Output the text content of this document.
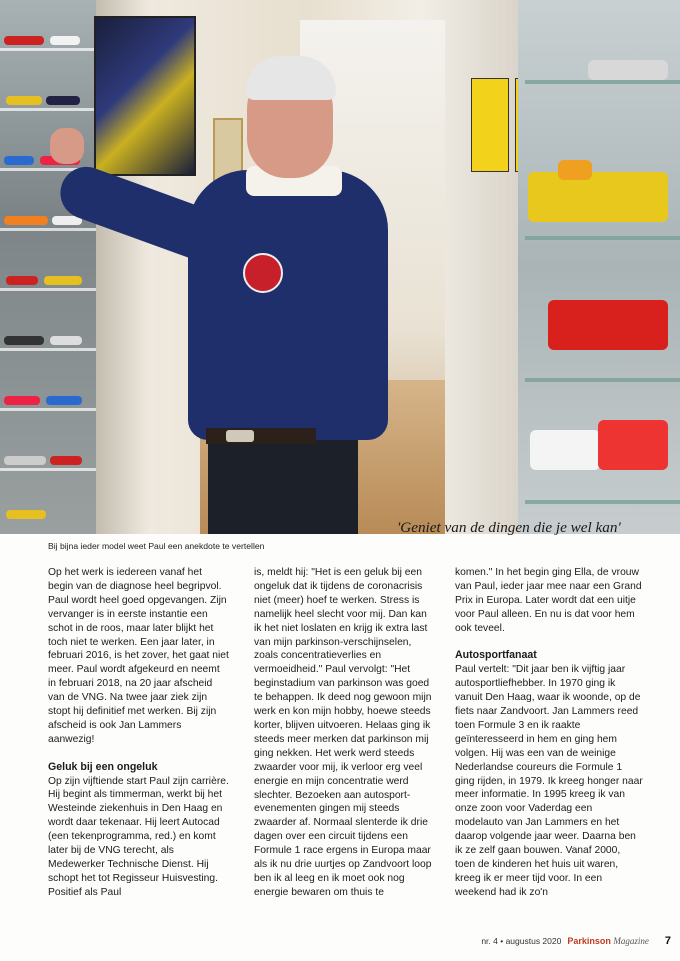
Bij bijna ieder model weet Paul een anekdote te vertellen
'Geniet van de dingen die je wel kan'

Op het werk is iedereen vanaf het begin van de diagnose heel begripvol. Paul wordt heel goed opgevangen. Zijn vervanger is in eerste instantie een schot in de roos, maar later blijkt het toch niet te werken. Een jaar later, in februari 2016, is het zover, het gaat niet meer. Paul wordt afgekeurd en neemt in februari 2018, na 20 jaar afscheid van de VNG. Na twee jaar ziek zijn stopt hij definitief met werken. Bij zijn afscheid is ook Jan Lammers aanwezig!

Geluk bij een ongeluk

Op zijn vijftiende start Paul zijn carrière. Hij begint als timmerman, werkt bij het Westeinde ziekenhuis in Den Haag en wordt daar tekenaar. Hij leert Autocad (een tekenprogramma, red.) en komt later bij de VNG terecht, als Medewerker Technische Dienst. Hij schopt het tot Regisseur Huisvesting. Positief als Paul

is, meldt hij: "Het is een geluk bij een ongeluk dat ik tijdens de coronacrisis niet (meer) hoef te werken. Stress is namelijk heel slecht voor mij. Dan kan ik het niet loslaten en krijg ik extra last van mijn parkinson-verschijnselen, zoals concentratieverlies en vermoeidheid." Paul vervolgt: "Het beginstadium van parkinson was goed te behappen. Ik deed nog gewoon mijn werk en kon mijn hobby, hoewe steeds korter, blijven uitvoeren. Helaas ging ik steeds meer merken dat parkinson mij ging nekken. Het werk werd steeds zwaarder voor mij, ik verloor erg veel energie en mijn concentratie werd slechter. Bezoeken aan autosport-evenementen gingen mij steeds zwaarder af. Normaal slenterde ik drie dagen over een circuit tijdens een Formule 1 race ergens in Europa maar als ik nu drie uurtjes op Zandvoort loop ben ik al leeg en ik moet ook nog energie bewaren om thuis te

komen." In het begin ging Ella, de vrouw van Paul, ieder jaar mee naar een Grand Prix in Europa. Later wordt dat een uitje voor Paul alleen. En nu is dat voor hem ook teveel.

Autosportfanaat

Paul vertelt: "Dit jaar ben ik vijftig jaar autosportliefhebber. In 1970 ging ik vanuit Den Haag, waar ik woonde, op de fiets naar Zandvoort. Jan Lammers reed toen Formule 3 en ik raakte geïnteresseerd in hem en ging hem volgen. Hij was een van de weinige Nederlandse coureurs die Formule 1 ging rijden, in 1979. Ik kreeg honger naar meer informatie. In 1995 kreeg ik van onze zoon voor Vaderdag een modelauto van Jan Lammers en het daarop volgende jaar weer. Daarna ben ik ze zelf gaan bouwen. Vanaf 2000, toen de kinderen het huis uit waren, kreeg ik er meer tijd voor. In een weekend had ik zo'n

nr. 4 • augustus 2020 Parkinson Magazine 7
